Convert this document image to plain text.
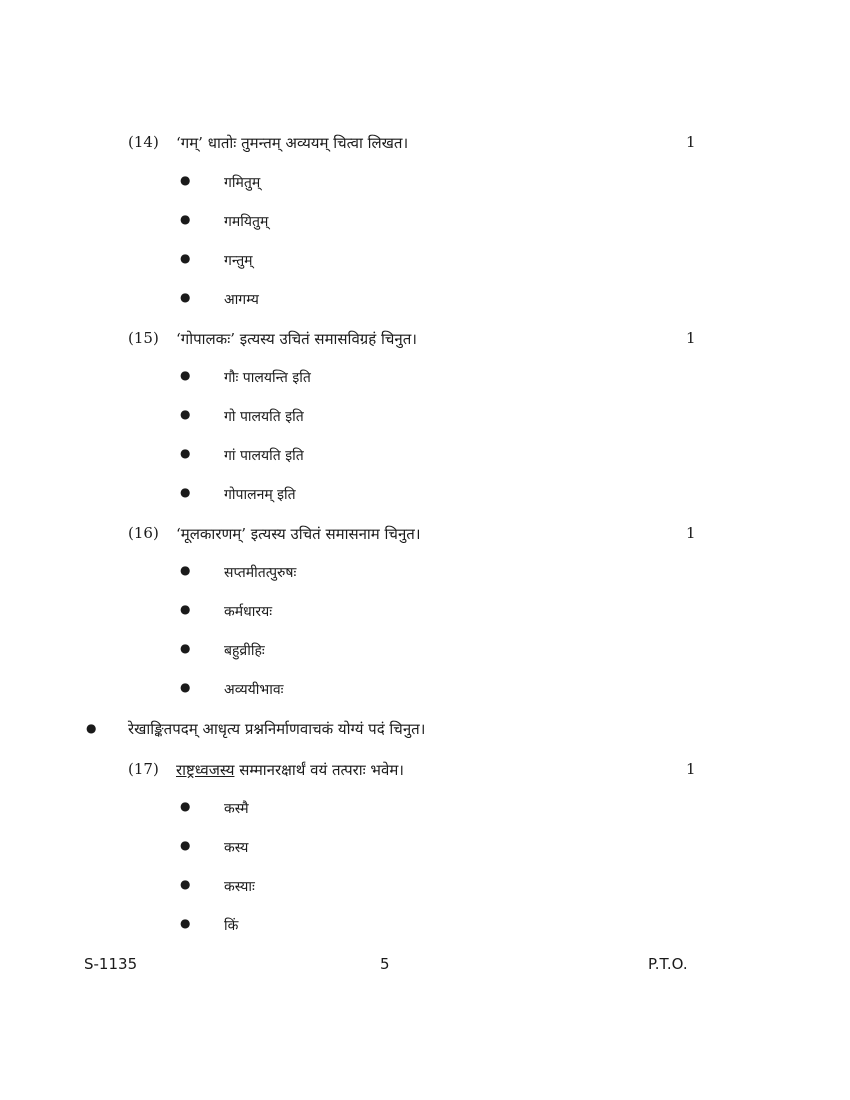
(14)	‘गम्’ धातोः तुमन्तम् अव्ययम् चित्वा लिखत।	1
● गमितुम्
● गमयितुम्
● गन्तुम्
● आगम्य
(15)	‘गोपालकः’ इत्यस्य उचितं समासविग्रहं चिनुत।	1
● गौः पालयन्ति इति
● गो पालयति इति
● गां पालयति इति
● गोपालनम् इति
(16)	‘मूलकारणम्’ इत्यस्य उचितं समासनाम चिनुत।	1
● सप्तमीतत्पुरुषः
● कर्मधारयः
● बहुव्रीहिः
● अव्ययीभावः
● रेखाङ्कितपदम् आधृत्य प्रश्ननिर्माणवाचकं योग्यं पदं चिनुत।
(17)	राष्ट्रध्वजस्य सम्मानरक्षार्थं वयं तत्पराः भवेम।	1
● कस्मै
● कस्य
● कस्याः
● किं
S-1135	5	P.T.O.
